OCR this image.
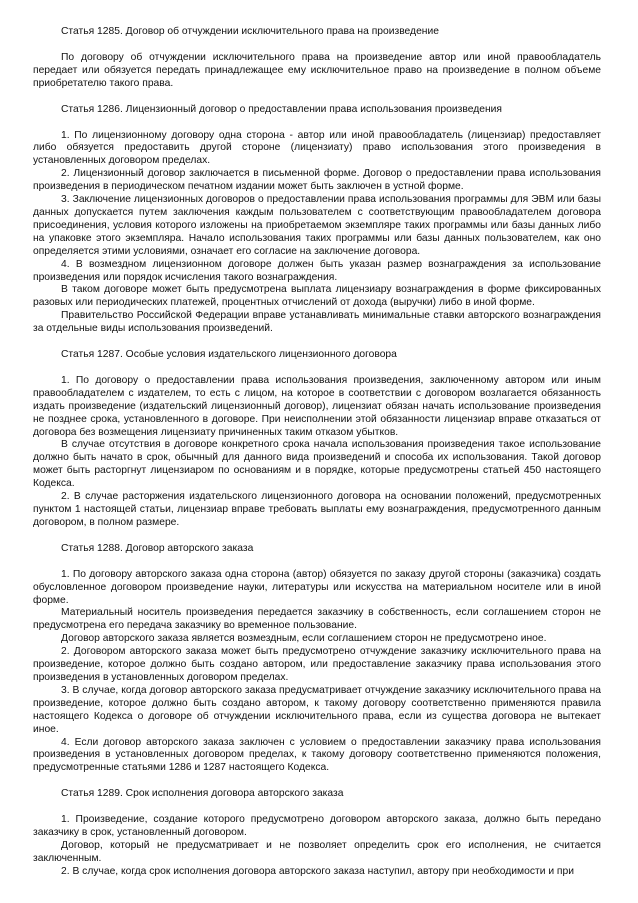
Статья 1285. Договор об отчуждении исключительного права на произведение

По договору об отчуждении исключительного права на произведение автор или иной правообладатель передает или обязуется передать принадлежащее ему исключительное право на произведение в полном объеме приобретателю такого права.

Статья 1286. Лицензионный договор о предоставлении права использования произведения

1. По лицензионному договору одна сторона - автор или иной правообладатель (лицензиар) предоставляет либо обязуется предоставить другой стороне (лицензиату) право использования этого произведения в установленных договором пределах.

2. Лицензионный договор заключается в письменной форме. Договор о предоставлении права использования произведения в периодическом печатном издании может быть заключен в устной форме.

3. Заключение лицензионных договоров о предоставлении права использования программы для ЭВМ или базы данных допускается путем заключения каждым пользователем с соответствующим правообладателем договора присоединения, условия которого изложены на приобретаемом экземпляре таких программы или базы данных либо на упаковке этого экземпляра. Начало использования таких программы или базы данных пользователем, как оно определяется этими условиями, означает его согласие на заключение договора.

4. В возмездном лицензионном договоре должен быть указан размер вознаграждения за использование произведения или порядок исчисления такого вознаграждения.

В таком договоре может быть предусмотрена выплата лицензиару вознаграждения в форме фиксированных разовых или периодических платежей, процентных отчислений от дохода (выручки) либо в иной форме.

Правительство Российской Федерации вправе устанавливать минимальные ставки авторского вознаграждения за отдельные виды использования произведений.

Статья 1287. Особые условия издательского лицензионного договора

1. По договору о предоставлении права использования произведения, заключенному автором или иным правообладателем с издателем, то есть с лицом, на которое в соответствии с договором возлагается обязанность издать произведение (издательский лицензионный договор), лицензиат обязан начать использование произведения не позднее срока, установленного в договоре. При неисполнении этой обязанности лицензиар вправе отказаться от договора без возмещения лицензиату причиненных таким отказом убытков.

В случае отсутствия в договоре конкретного срока начала использования произведения такое использование должно быть начато в срок, обычный для данного вида произведений и способа их использования. Такой договор может быть расторгнут лицензиаром по основаниям и в порядке, которые предусмотрены статьей 450 настоящего Кодекса.

2. В случае расторжения издательского лицензионного договора на основании положений, предусмотренных пунктом 1 настоящей статьи, лицензиар вправе требовать выплаты ему вознаграждения, предусмотренного данным договором, в полном размере.

Статья 1288. Договор авторского заказа

1. По договору авторского заказа одна сторона (автор) обязуется по заказу другой стороны (заказчика) создать обусловленное договором произведение науки, литературы или искусства на материальном носителе или в иной форме.

Материальный носитель произведения передается заказчику в собственность, если соглашением сторон не предусмотрена его передача заказчику во временное пользование.

Договор авторского заказа является возмездным, если соглашением сторон не предусмотрено иное.

2. Договором авторского заказа может быть предусмотрено отчуждение заказчику исключительного права на произведение, которое должно быть создано автором, или предоставление заказчику права использования этого произведения в установленных договором пределах.

3. В случае, когда договор авторского заказа предусматривает отчуждение заказчику исключительного права на произведение, которое должно быть создано автором, к такому договору соответственно применяются правила настоящего Кодекса о договоре об отчуждении исключительного права, если из существа договора не вытекает иное.

4. Если договор авторского заказа заключен с условием о предоставлении заказчику права использования произведения в установленных договором пределах, к такому договору соответственно применяются положения, предусмотренные статьями 1286 и 1287 настоящего Кодекса.

Статья 1289. Срок исполнения договора авторского заказа

1. Произведение, создание которого предусмотрено договором авторского заказа, должно быть передано заказчику в срок, установленный договором.

Договор, который не предусматривает и не позволяет определить срок его исполнения, не считается заключенным.

2. В случае, когда срок исполнения договора авторского заказа наступил, автору при необходимости и при
